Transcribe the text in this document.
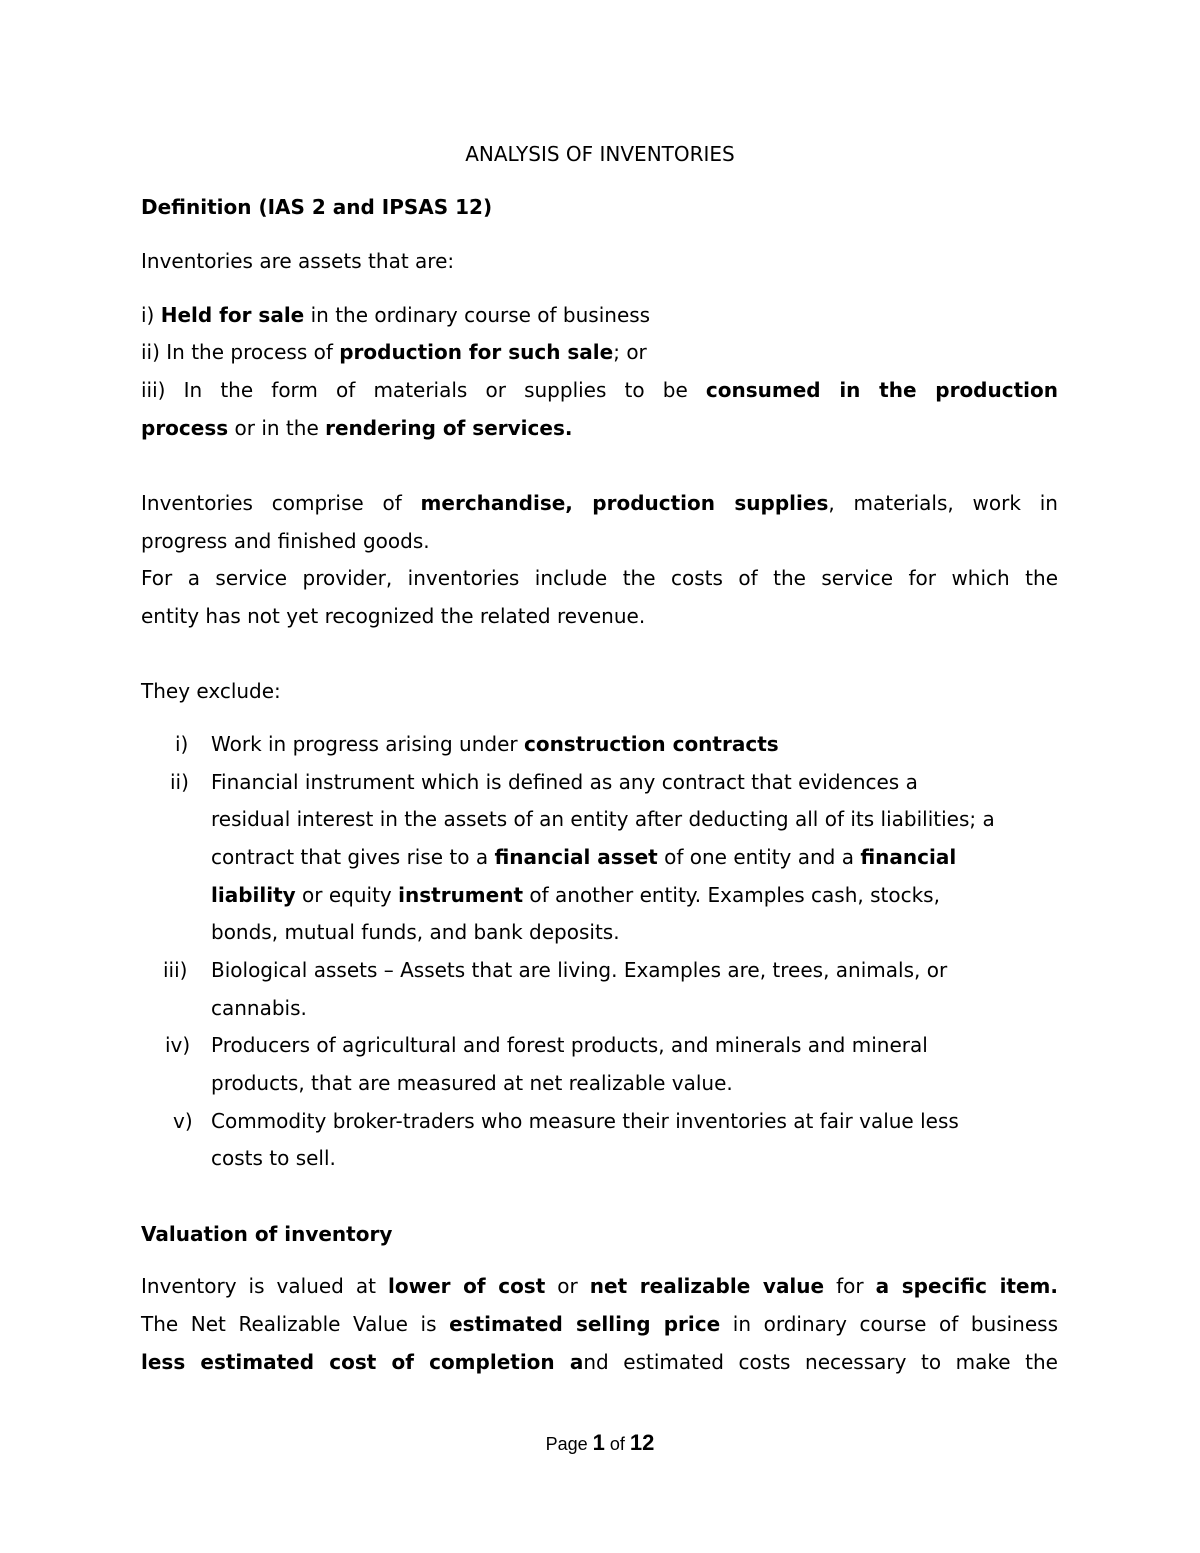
ANALYSIS OF INVENTORIES
Definition (IAS 2 and IPSAS 12)
Inventories are assets that are:
i) Held for sale in the ordinary course of business
ii) In the process of production for such sale; or
iii) In the form of materials or supplies to be consumed in the production
process or in the rendering of services.
Inventories comprise of merchandise, production supplies, materials, work in
progress and finished goods.
For a service provider, inventories include the costs of the service for which the
entity has not yet recognized the related revenue.
They exclude:
i)	Work in progress arising under construction contracts
ii)	Financial instrument which is defined as any contract that evidences a
residual interest in the assets of an entity after deducting all of its liabilities; a
contract that gives rise to a financial asset of one entity and a financial
liability or equity instrument of another entity. Examples cash, stocks,
bonds, mutual funds, and bank deposits.
iii)	Biological assets – Assets that are living. Examples are, trees, animals, or
cannabis.
iv)	Producers of agricultural and forest products, and minerals and mineral
products, that are measured at net realizable value.
v) Commodity broker-traders who measure their inventories at fair value less
costs to sell.
Valuation of inventory
Inventory is valued at lower of cost or net realizable value for a specific item.
The Net Realizable Value is estimated selling price in ordinary course of business
less estimated cost of completion and estimated costs necessary to make the
Page 1 of 12
